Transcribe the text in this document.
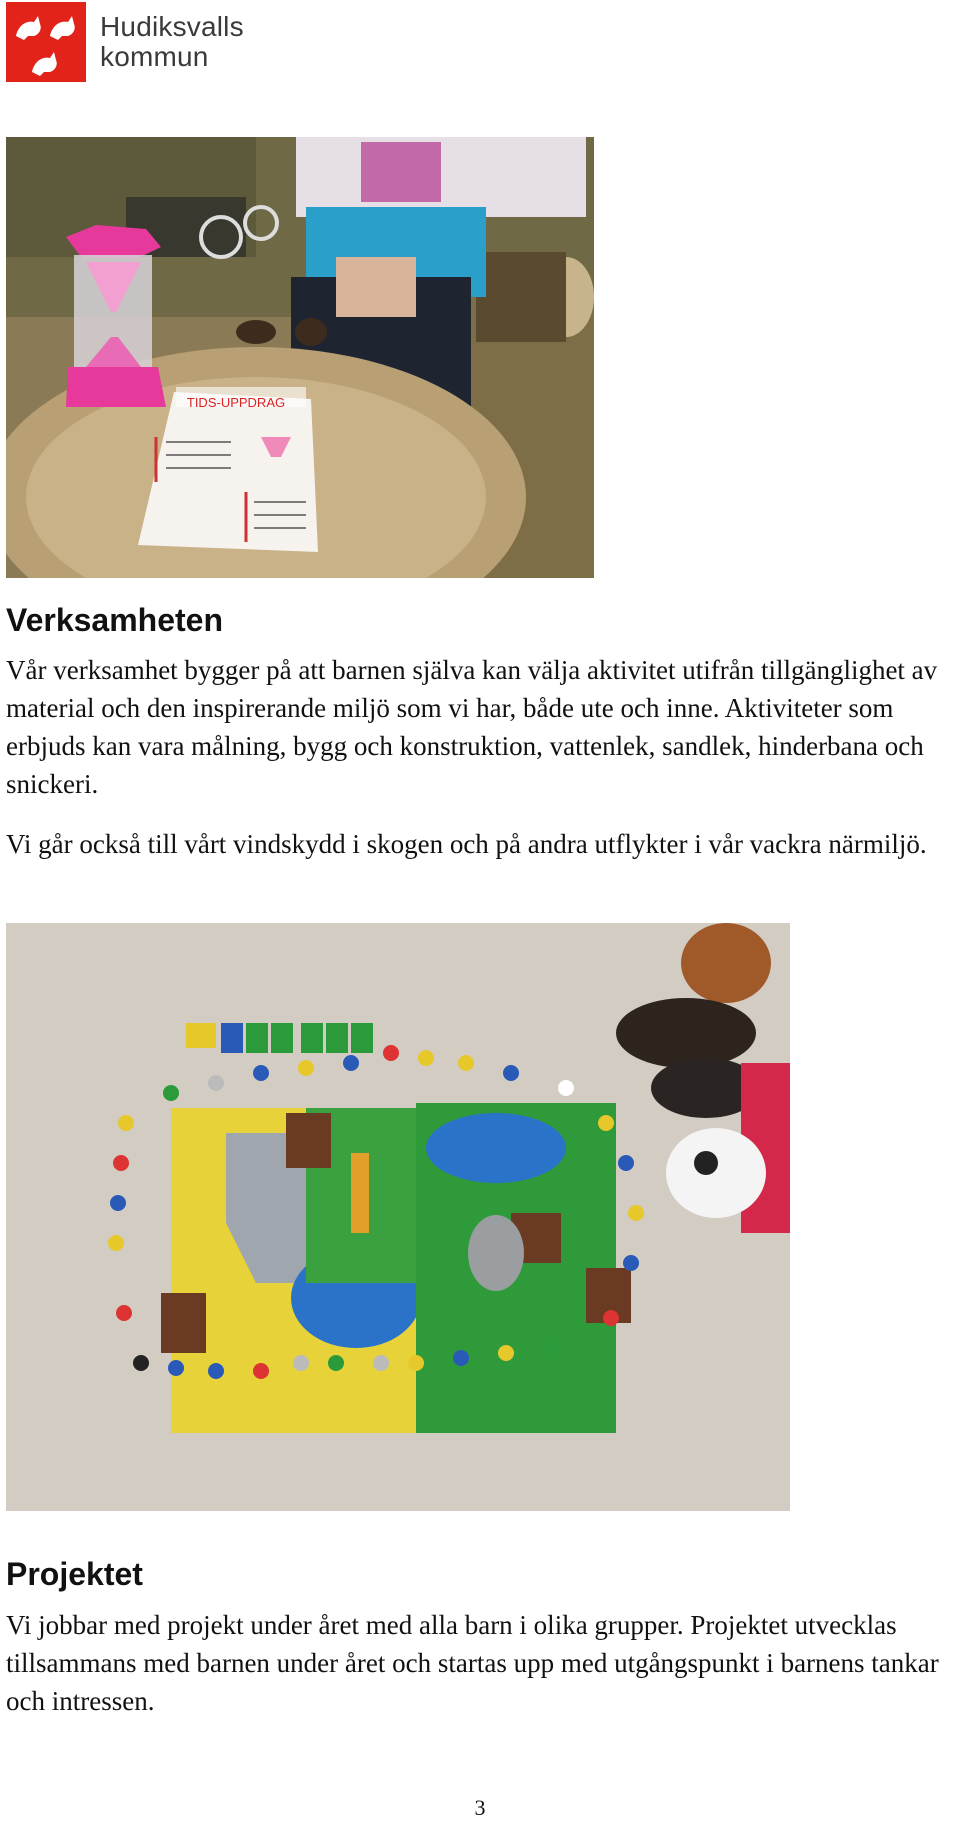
Hudiksvalls
kommun
TIDS-UPPDRAG
Verksamheten

Vår verksamhet bygger på att barnen själva kan välja aktivitet utifrån tillgänglighet av material och den inspirerande miljö som vi har, både ute och inne. Aktiviteter som erbjuds kan vara målning, bygg och konstruktion, vattenlek, sandlek, hinderbana och snickeri.

Vi går också till vårt vindskydd i skogen och på andra utflykter i vår vackra närmiljö.

Projektet

Vi jobbar med projekt under året med alla barn i olika grupper. Projektet utvecklas tillsammans med barnen under året och startas upp med utgångspunkt i barnens tankar och intressen.

3
